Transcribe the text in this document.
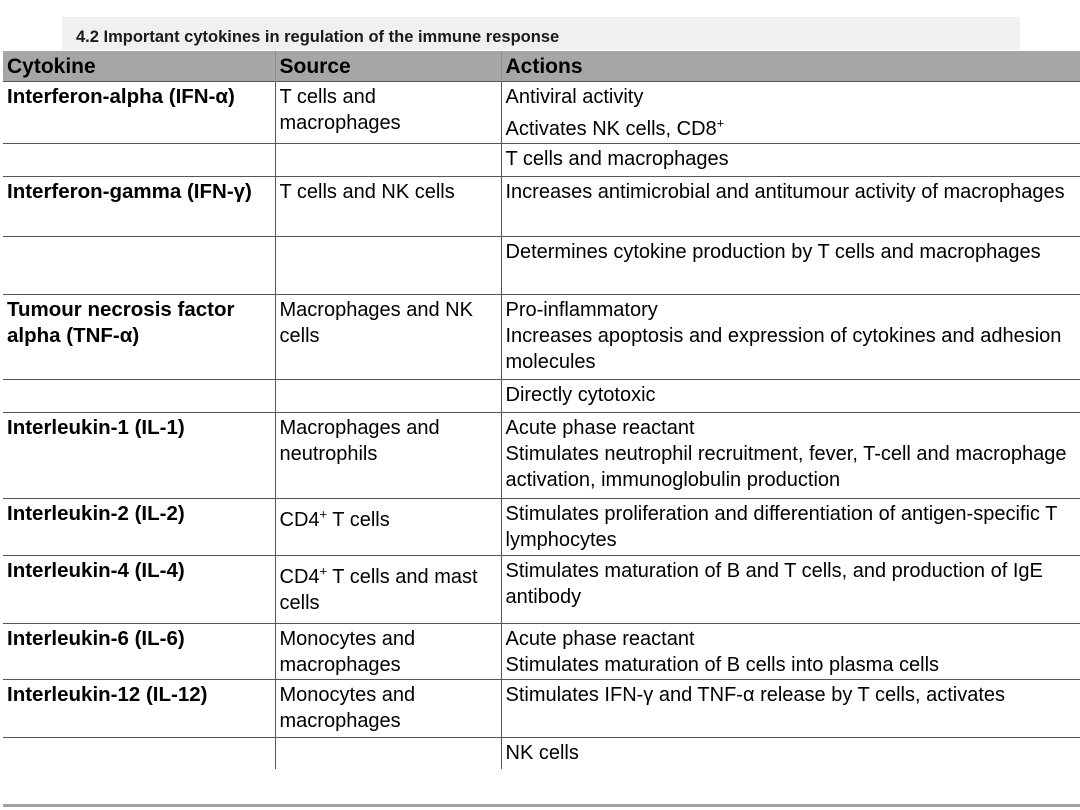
4.2 Important cytokines in regulation of the immune response
Cytokine	Source	Actions
Interferon-alpha (IFN-α)	T cells and macrophages	Antiviral activity
Activates NK cells, CD8+

		T cells and macrophages

Interferon-gamma (IFN-γ)	T cells and NK cells	Increases antimicrobial and antitumour activity of macrophages

		Determines cytokine production by T cells and macrophages

Tumour necrosis factor alpha (TNF-α)	Macrophages and NK cells	Pro-inflammatory
Increases apoptosis and expression of cytokines and adhesion molecules

		Directly cytotoxic

Interleukin-1 (IL-1)	Macrophages and neutrophils	Acute phase reactant
Stimulates neutrophil recruitment, fever, T-cell and macrophage activation, immunoglobulin production

Interleukin-2 (IL-2)	CD4+ T cells	Stimulates proliferation and differentiation of antigen-specific T lymphocytes

Interleukin-4 (IL-4)	CD4+ T cells and mast cells	Stimulates maturation of B and T cells, and production of IgE antibody

Interleukin-6 (IL-6)	Monocytes and macrophages	Acute phase reactant
Stimulates maturation of B cells into plasma cells

Interleukin-12 (IL-12)	Monocytes and macrophages	Stimulates IFN-γ and TNF-α release by T cells, activates

		NK cells
